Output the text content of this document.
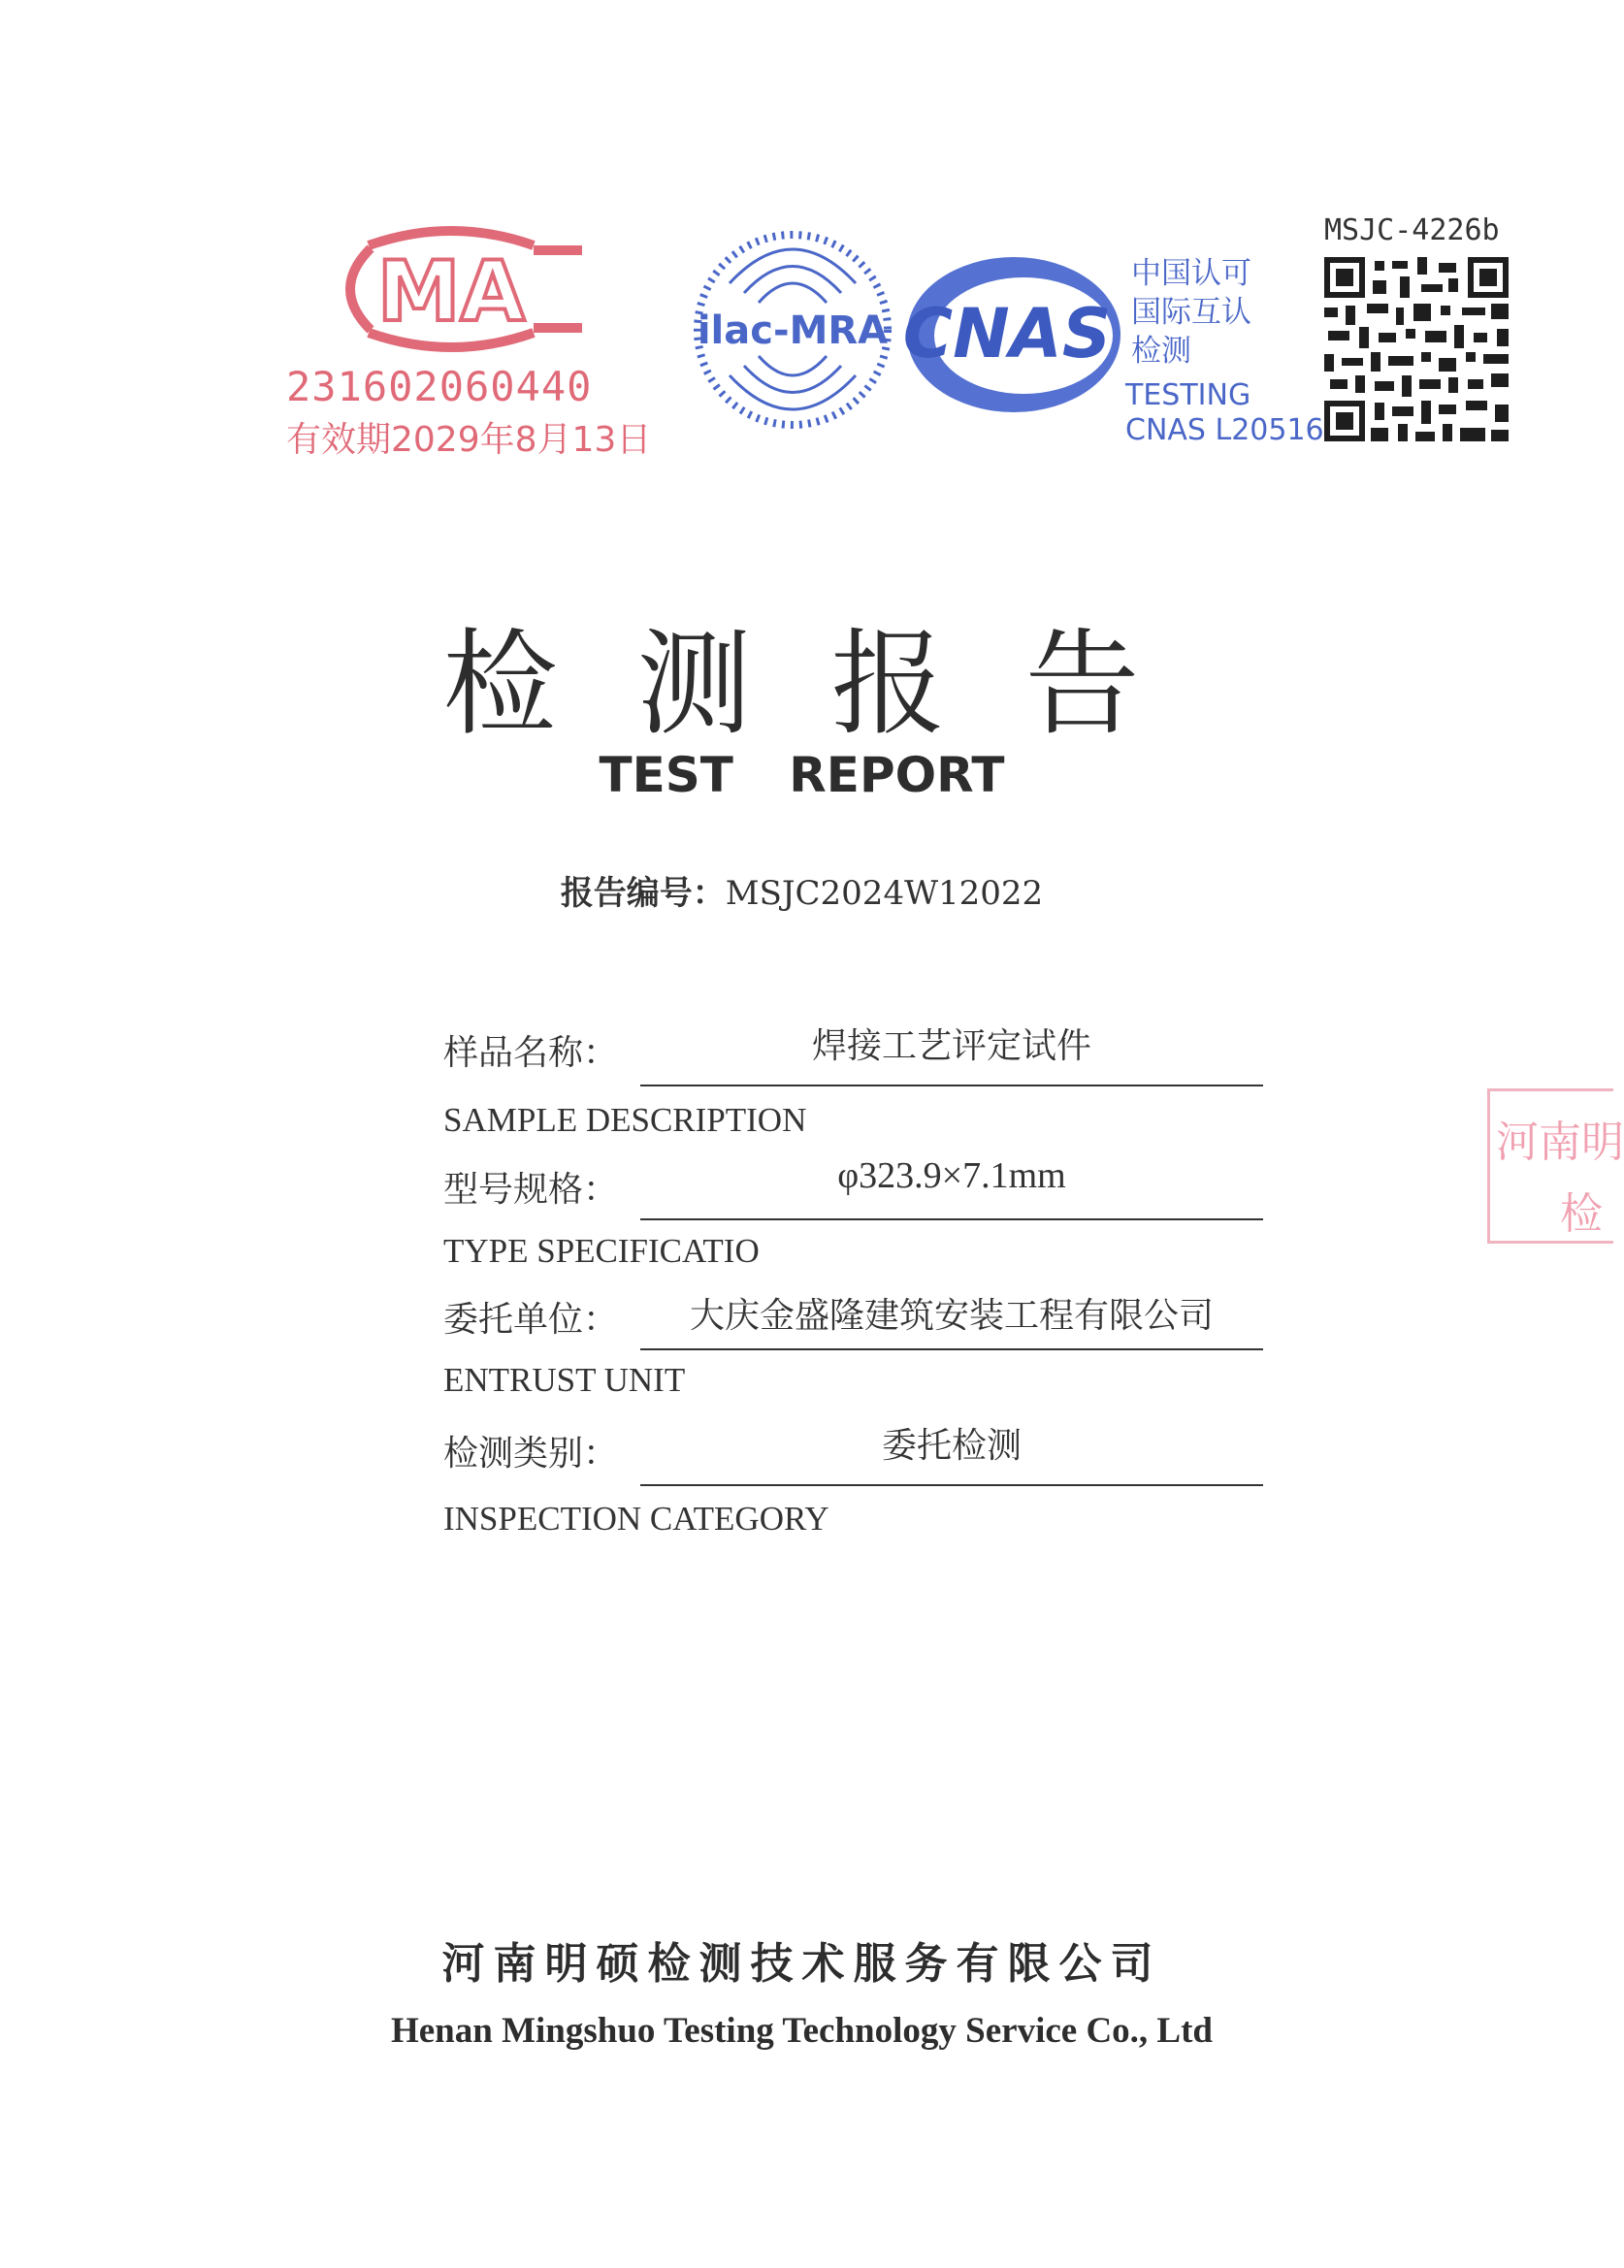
MA
231602060440
有效期2029年8月13日
ilac-MRA CNAS
中国认可
国际互认
检测
TESTING
CNAS L20516
MSJC-4226b
检测报告
TEST REPORT
报告编号：MSJC2024W12022
样品名称：	焊接工艺评定试件
SAMPLE DESCRIPTION
型号规格：	φ323.9×7.1mm
TYPE SPECIFICATIO
委托单位：	大庆金盛隆建筑安装工程有限公司
ENTRUST UNIT
检测类别：	委托检测
INSPECTION CATEGORY
河南明
检
河南明硕检测技术服务有限公司
Henan Mingshuo Testing Technology Service Co., Ltd
